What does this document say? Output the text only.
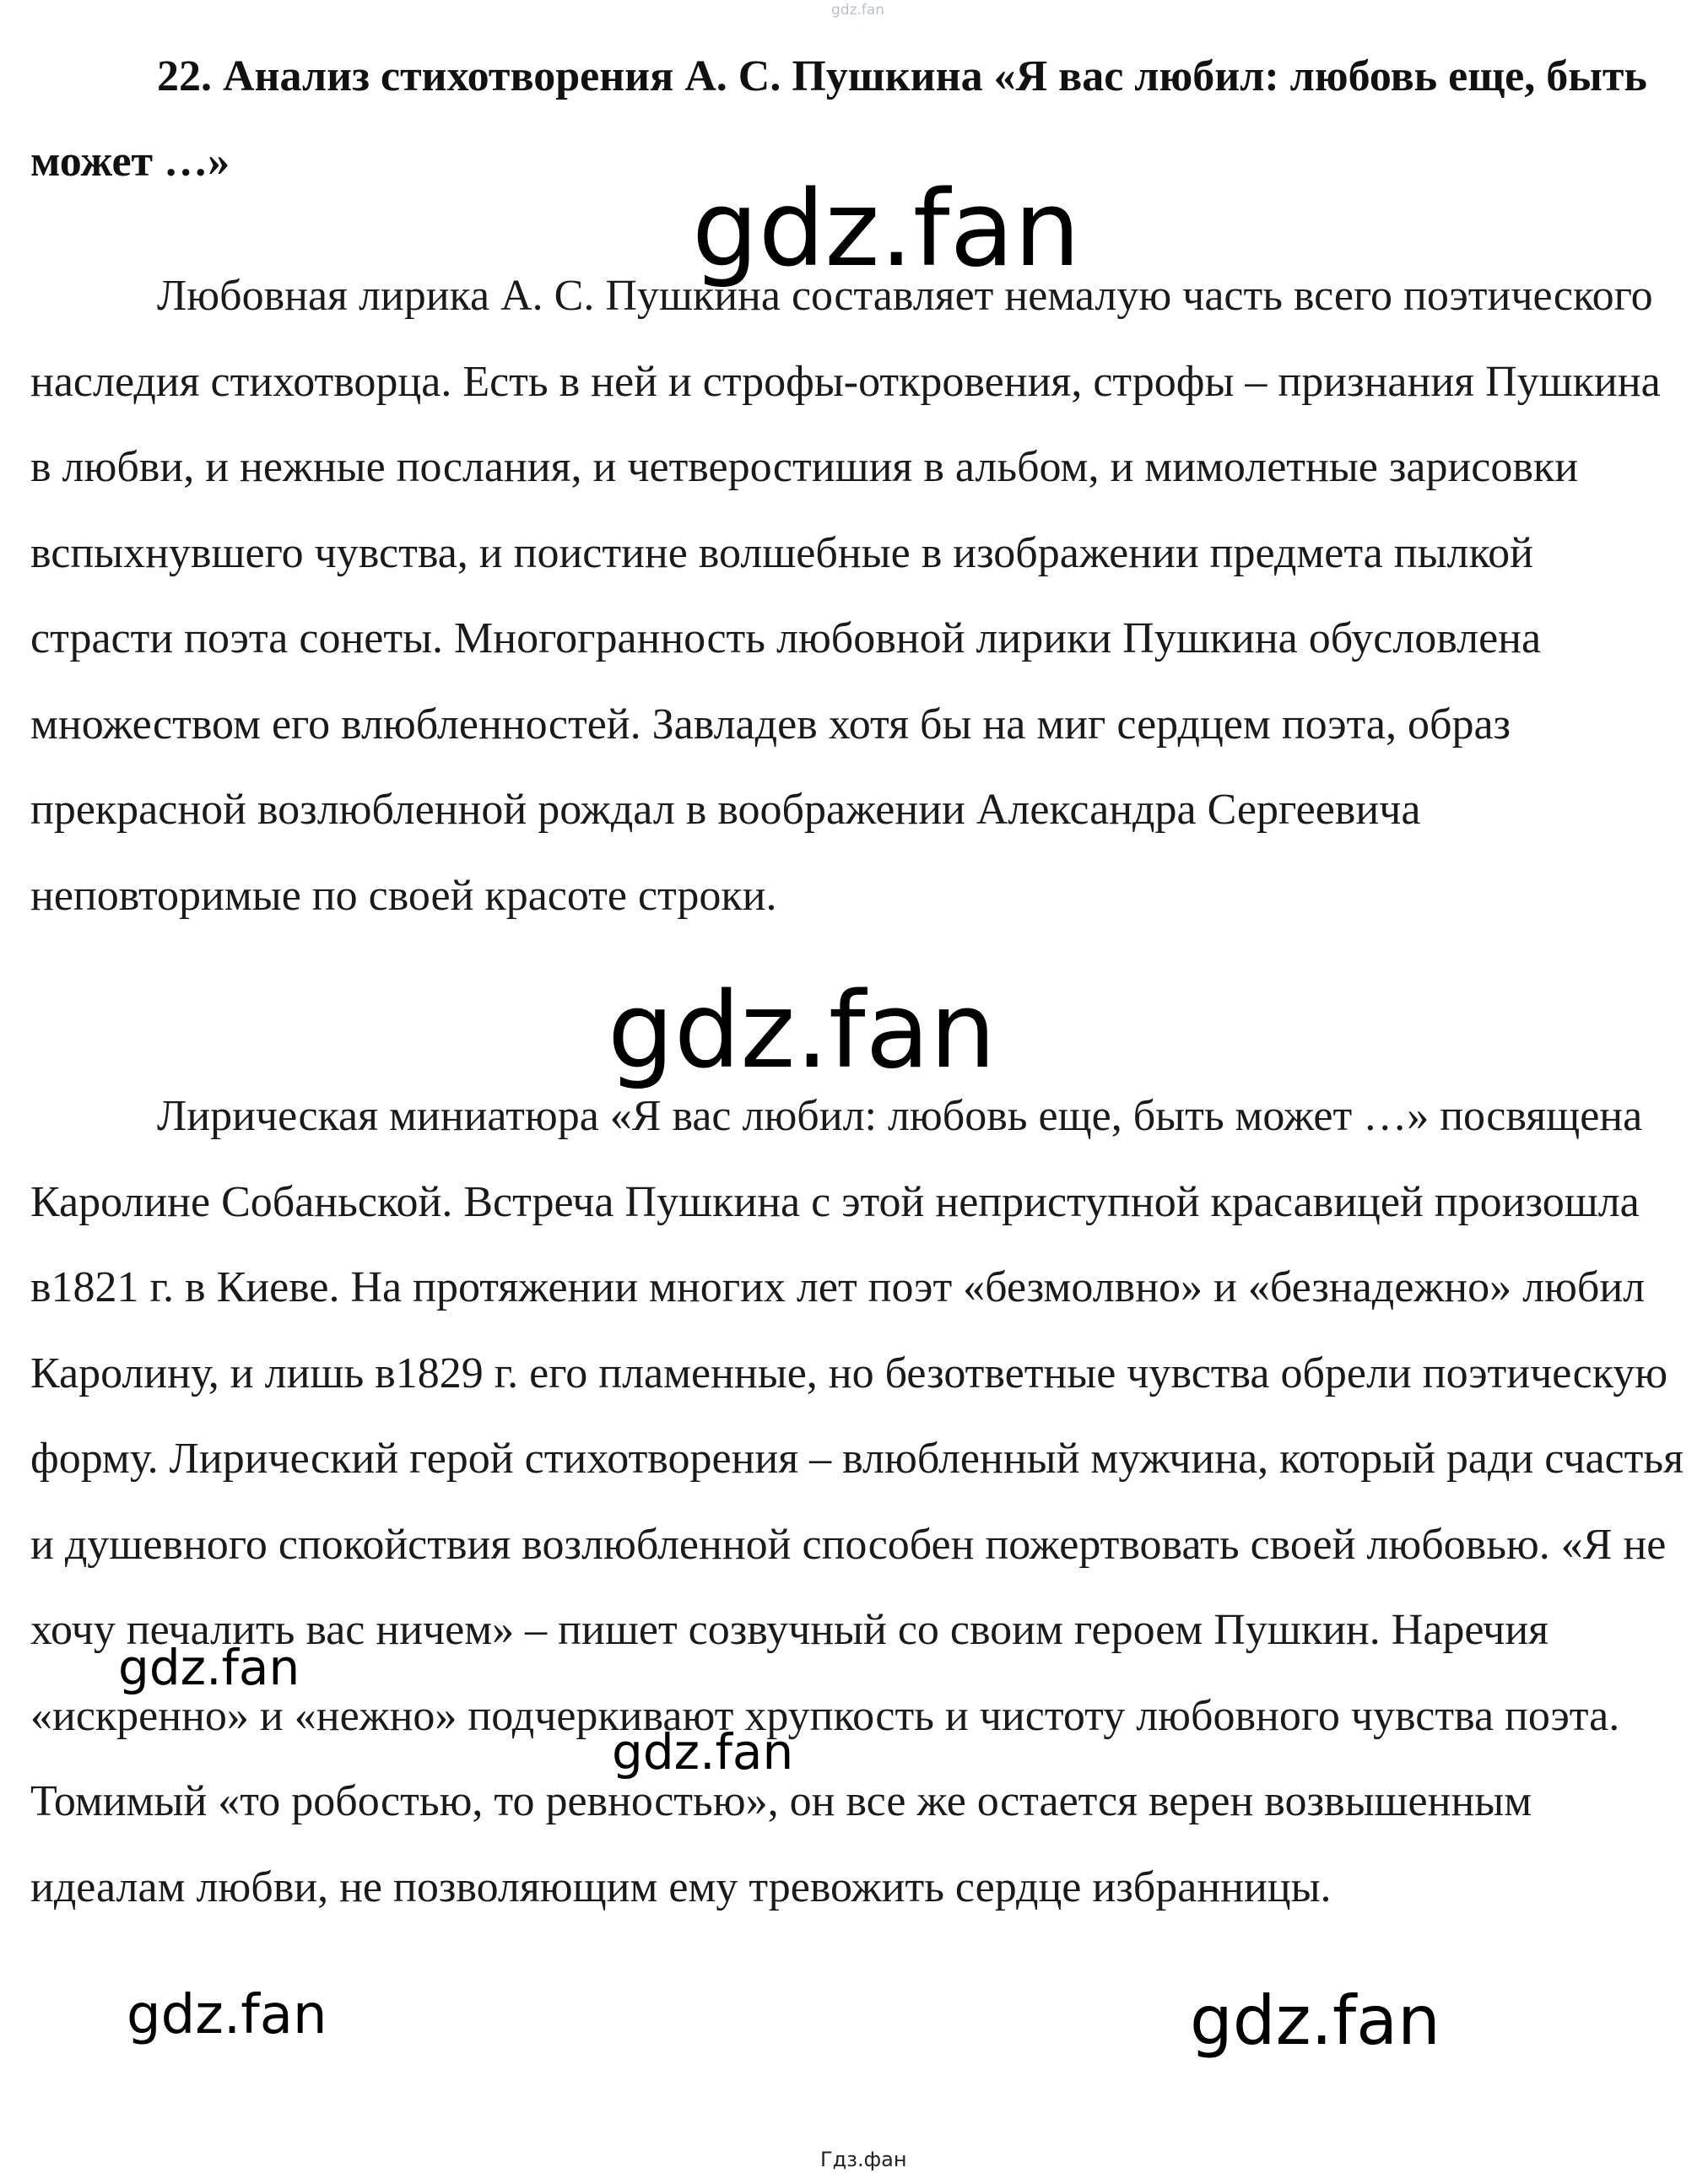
gdz.fan

22. Анализ стихотворения А. С. Пушкина «Я вас любил: любовь еще, быть может …»

Любовная лирика А. С. Пушкина составляет немалую часть всего поэтического наследия стихотворца. Есть в ней и строфы-откровения, строфы – признания Пушкина в любви, и нежные послания, и четверостишия в альбом, и мимолетные зарисовки вспыхнувшего чувства, и поистине волшебные в изображении предмета пылкой страсти поэта сонеты. Многогранность любовной лирики Пушкина обусловлена множеством его влюбленностей. Завладев хотя бы на миг сердцем поэта, образ прекрасной возлюбленной рождал в воображении Александра Сергеевича неповторимые по своей красоте строки.

Лирическая миниатюра «Я вас любил: любовь еще, быть может …» посвящена Каролине Собаньской. Встреча Пушкина с этой неприступной красавицей произошла в1821 г. в Киеве. На протяжении многих лет поэт «безмолвно» и «безнадежно» любил Каролину, и лишь в1829 г. его пламенные, но безответные чувства обрели поэтическую форму. Лирический герой стихотворения – влюбленный мужчина, который ради счастья и душевного спокойствия возлюбленной способен пожертвовать своей любовью. «Я не хочу печалить вас ничем» – пишет созвучный со своим героем Пушкин. Наречия «искренно» и «нежно» подчеркивают хрупкость и чистоту любовного чувства поэта. Томимый «то робостью, то ревностью», он все же остается верен возвышенным идеалам любви, не позволяющим ему тревожить сердце избранницы.

gdz.fan
gdz.fan
gdz.fan
gdz.fan
gdz.fan	gdz.fan
Гдз.фан
